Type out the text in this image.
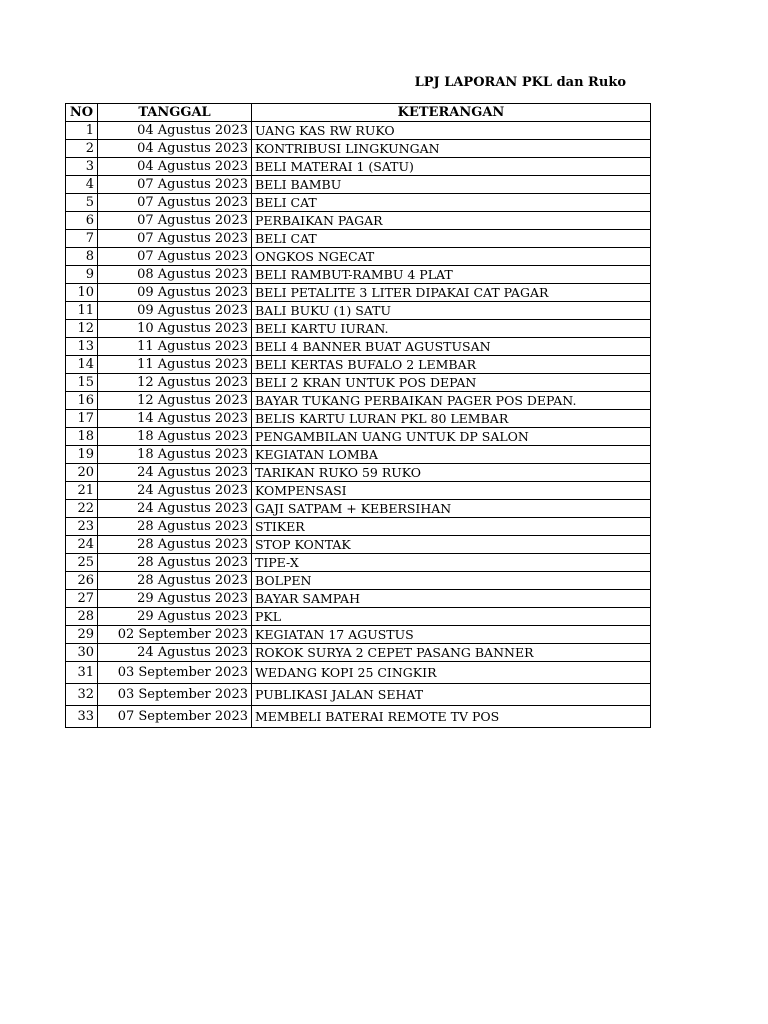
LPJ LAPORAN PKL dan Ruko
NO	TANGGAL	KETERANGAN
1	04 Agustus 2023	UANG KAS RW RUKO
2	04 Agustus 2023	KONTRIBUSI LINGKUNGAN
3	04 Agustus 2023	BELI MATERAI 1 (SATU)
4	07 Agustus 2023	BELI BAMBU
5	07 Agustus 2023	BELI CAT
6	07 Agustus 2023	PERBAIKAN PAGAR
7	07 Agustus 2023	BELI CAT
8	07 Agustus 2023	ONGKOS NGECAT
9	08 Agustus 2023	BELI RAMBUT-RAMBU 4 PLAT
10	09 Agustus 2023	BELI PETALITE 3 LITER DIPAKAI CAT PAGAR
11	09 Agustus 2023	BALI BUKU (1) SATU
12	10 Agustus 2023	BELI KARTU IURAN.
13	11 Agustus 2023	BELI 4 BANNER BUAT AGUSTUSAN
14	11 Agustus 2023	BELI KERTAS BUFALO 2 LEMBAR
15	12 Agustus 2023	BELI 2 KRAN UNTUK POS DEPAN
16	12 Agustus 2023	BAYAR TUKANG PERBAIKAN PAGER POS DEPAN.
17	14 Agustus 2023	BELIS KARTU LURAN PKL 80 LEMBAR
18	18 Agustus 2023	PENGAMBILAN UANG UNTUK DP SALON
19	18 Agustus 2023	KEGIATAN LOMBA
20	24 Agustus 2023	TARIKAN RUKO 59 RUKO
21	24 Agustus 2023	KOMPENSASI
22	24 Agustus 2023	GAJI SATPAM + KEBERSIHAN
23	28 Agustus 2023	STIKER
24	28 Agustus 2023	STOP KONTAK
25	28 Agustus 2023	TIPE-X
26	28 Agustus 2023	BOLPEN
27	29 Agustus 2023	BAYAR SAMPAH
28	29 Agustus 2023	PKL
29	02 September 2023	KEGIATAN 17 AGUSTUS
30	24 Agustus 2023	ROKOK SURYA 2 CEPET PASANG BANNER
31	03 September 2023	WEDANG KOPI 25 CINGKIR
32	03 September 2023	PUBLIKASI JALAN SEHAT
33	07 September 2023	MEMBELI BATERAI REMOTE TV POS
